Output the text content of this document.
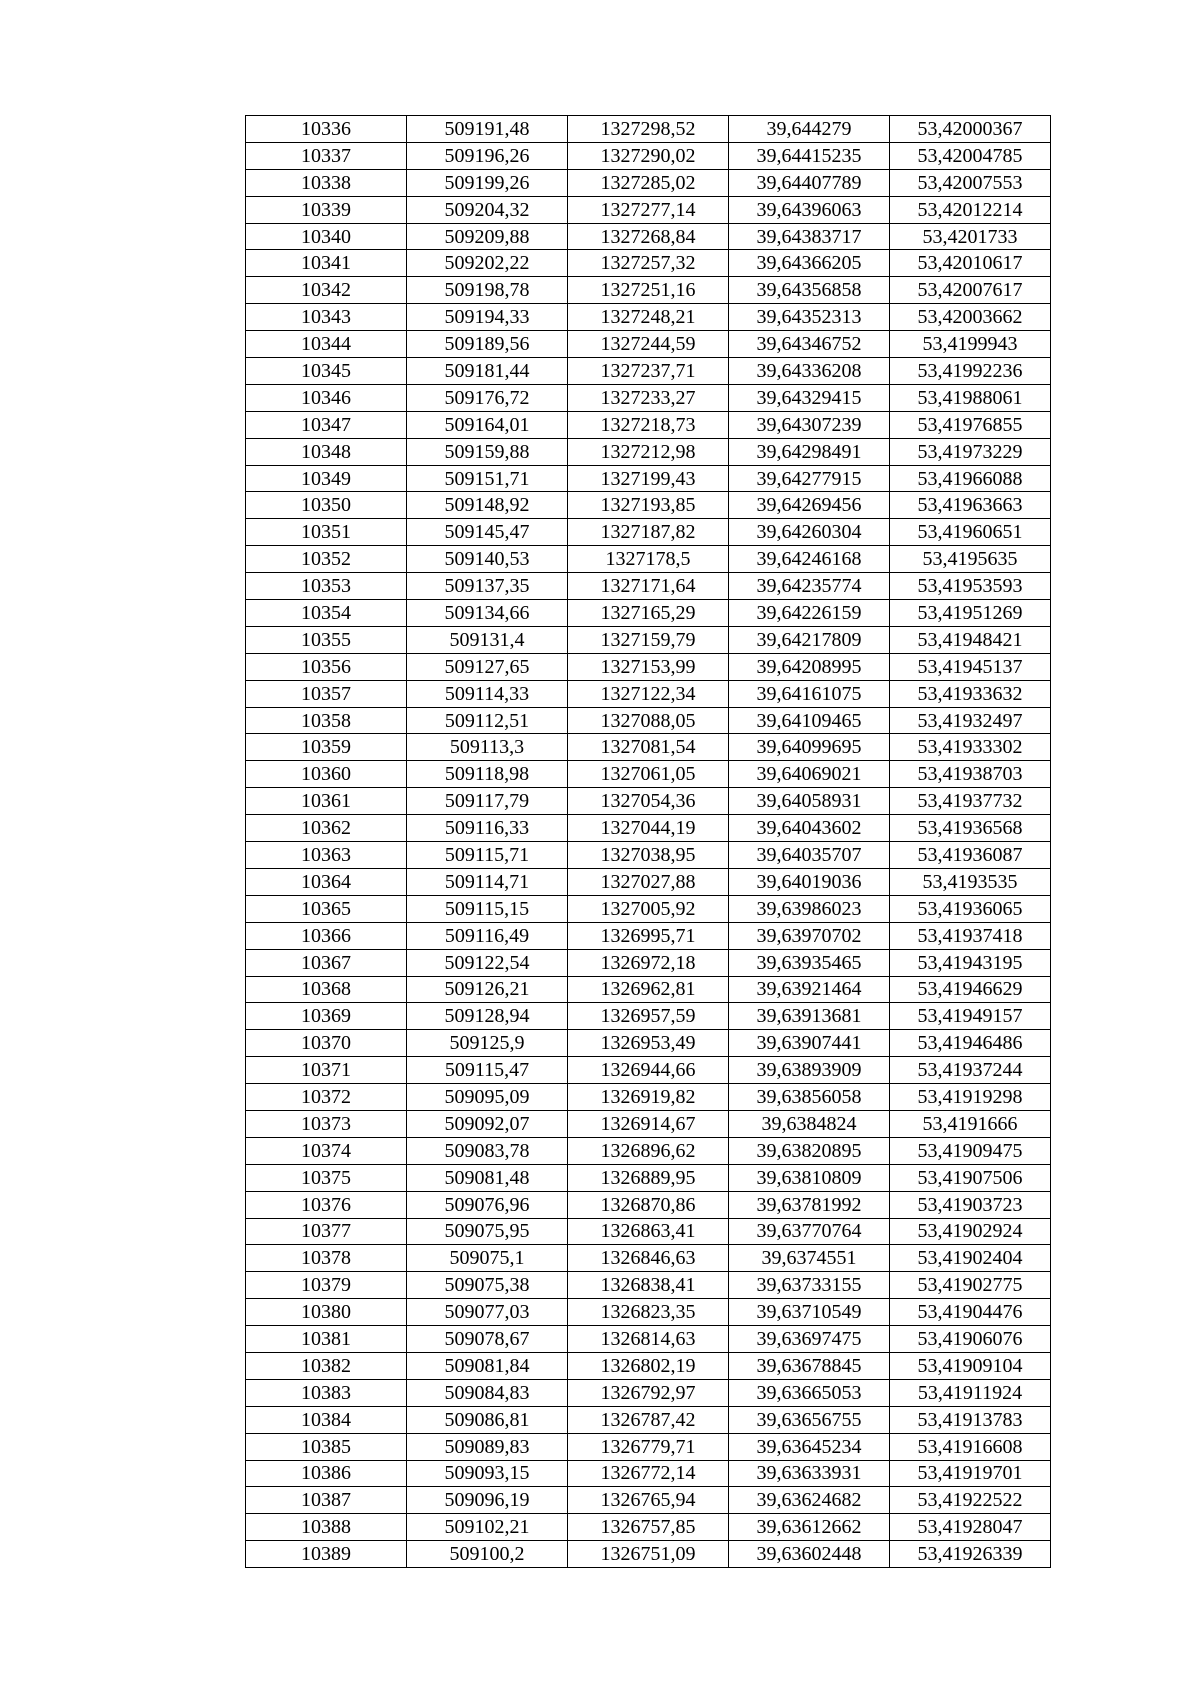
10336	509191,48	1327298,52	39,644279	53,42000367
10337	509196,26	1327290,02	39,64415235	53,42004785
10338	509199,26	1327285,02	39,64407789	53,42007553
10339	509204,32	1327277,14	39,64396063	53,42012214
10340	509209,88	1327268,84	39,64383717	53,4201733
10341	509202,22	1327257,32	39,64366205	53,42010617
10342	509198,78	1327251,16	39,64356858	53,42007617
10343	509194,33	1327248,21	39,64352313	53,42003662
10344	509189,56	1327244,59	39,64346752	53,4199943
10345	509181,44	1327237,71	39,64336208	53,41992236
10346	509176,72	1327233,27	39,64329415	53,41988061
10347	509164,01	1327218,73	39,64307239	53,41976855
10348	509159,88	1327212,98	39,64298491	53,41973229
10349	509151,71	1327199,43	39,64277915	53,41966088
10350	509148,92	1327193,85	39,64269456	53,41963663
10351	509145,47	1327187,82	39,64260304	53,41960651
10352	509140,53	1327178,5	39,64246168	53,4195635
10353	509137,35	1327171,64	39,64235774	53,41953593
10354	509134,66	1327165,29	39,64226159	53,41951269
10355	509131,4	1327159,79	39,64217809	53,41948421
10356	509127,65	1327153,99	39,64208995	53,41945137
10357	509114,33	1327122,34	39,64161075	53,41933632
10358	509112,51	1327088,05	39,64109465	53,41932497
10359	509113,3	1327081,54	39,64099695	53,41933302
10360	509118,98	1327061,05	39,64069021	53,41938703
10361	509117,79	1327054,36	39,64058931	53,41937732
10362	509116,33	1327044,19	39,64043602	53,41936568
10363	509115,71	1327038,95	39,64035707	53,41936087
10364	509114,71	1327027,88	39,64019036	53,4193535
10365	509115,15	1327005,92	39,63986023	53,41936065
10366	509116,49	1326995,71	39,63970702	53,41937418
10367	509122,54	1326972,18	39,63935465	53,41943195
10368	509126,21	1326962,81	39,63921464	53,41946629
10369	509128,94	1326957,59	39,63913681	53,41949157
10370	509125,9	1326953,49	39,63907441	53,41946486
10371	509115,47	1326944,66	39,63893909	53,41937244
10372	509095,09	1326919,82	39,63856058	53,41919298
10373	509092,07	1326914,67	39,6384824	53,4191666
10374	509083,78	1326896,62	39,63820895	53,41909475
10375	509081,48	1326889,95	39,63810809	53,41907506
10376	509076,96	1326870,86	39,63781992	53,41903723
10377	509075,95	1326863,41	39,63770764	53,41902924
10378	509075,1	1326846,63	39,6374551	53,41902404
10379	509075,38	1326838,41	39,63733155	53,41902775
10380	509077,03	1326823,35	39,63710549	53,41904476
10381	509078,67	1326814,63	39,63697475	53,41906076
10382	509081,84	1326802,19	39,63678845	53,41909104
10383	509084,83	1326792,97	39,63665053	53,41911924
10384	509086,81	1326787,42	39,63656755	53,41913783
10385	509089,83	1326779,71	39,63645234	53,41916608
10386	509093,15	1326772,14	39,63633931	53,41919701
10387	509096,19	1326765,94	39,63624682	53,41922522
10388	509102,21	1326757,85	39,63612662	53,41928047
10389	509100,2	1326751,09	39,63602448	53,41926339
